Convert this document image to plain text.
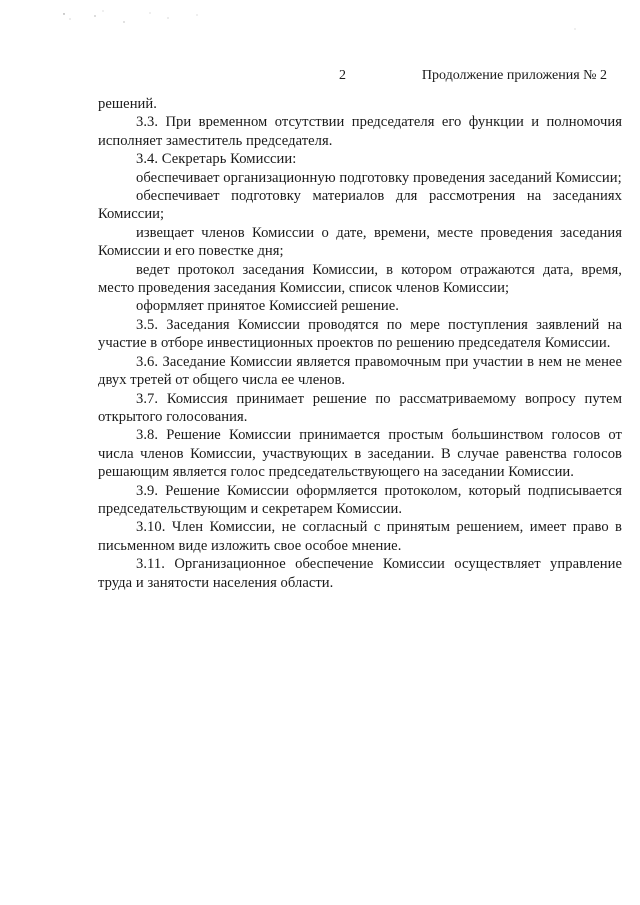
2	Продолжение приложения № 2

решений.

3.3. При временном отсутствии председателя его функции и полномочия исполняет заместитель председателя.

3.4. Секретарь Комиссии:

обеспечивает организационную подготовку проведения заседаний Комиссии;

обеспечивает подготовку материалов для рассмотрения на заседаниях Комиссии;

извещает членов Комиссии о дате, времени, месте проведения заседания Комиссии и его повестке дня;

ведет протокол заседания Комиссии, в котором отражаются дата, время, место проведения заседания Комиссии, список членов Комиссии;

оформляет принятое Комиссией решение.

3.5. Заседания Комиссии проводятся по мере поступления заявлений на участие в отборе инвестиционных проектов по решению председателя Комиссии.

3.6. Заседание Комиссии является правомочным при участии в нем не менее двух третей от общего числа ее членов.

3.7. Комиссия принимает решение по рассматриваемому вопросу путем открытого голосования.

3.8. Решение Комиссии принимается простым большинством голосов от числа членов Комиссии, участвующих в заседании. В случае равенства голосов решающим является голос председательствующего на заседании Комиссии.

3.9. Решение Комиссии оформляется протоколом, который подписывается председательствующим и секретарем Комиссии.

3.10. Член Комиссии, не согласный с принятым решением, имеет право в письменном виде изложить свое особое мнение.

3.11. Организационное обеспечение Комиссии осуществляет управление труда и занятости населения области.
